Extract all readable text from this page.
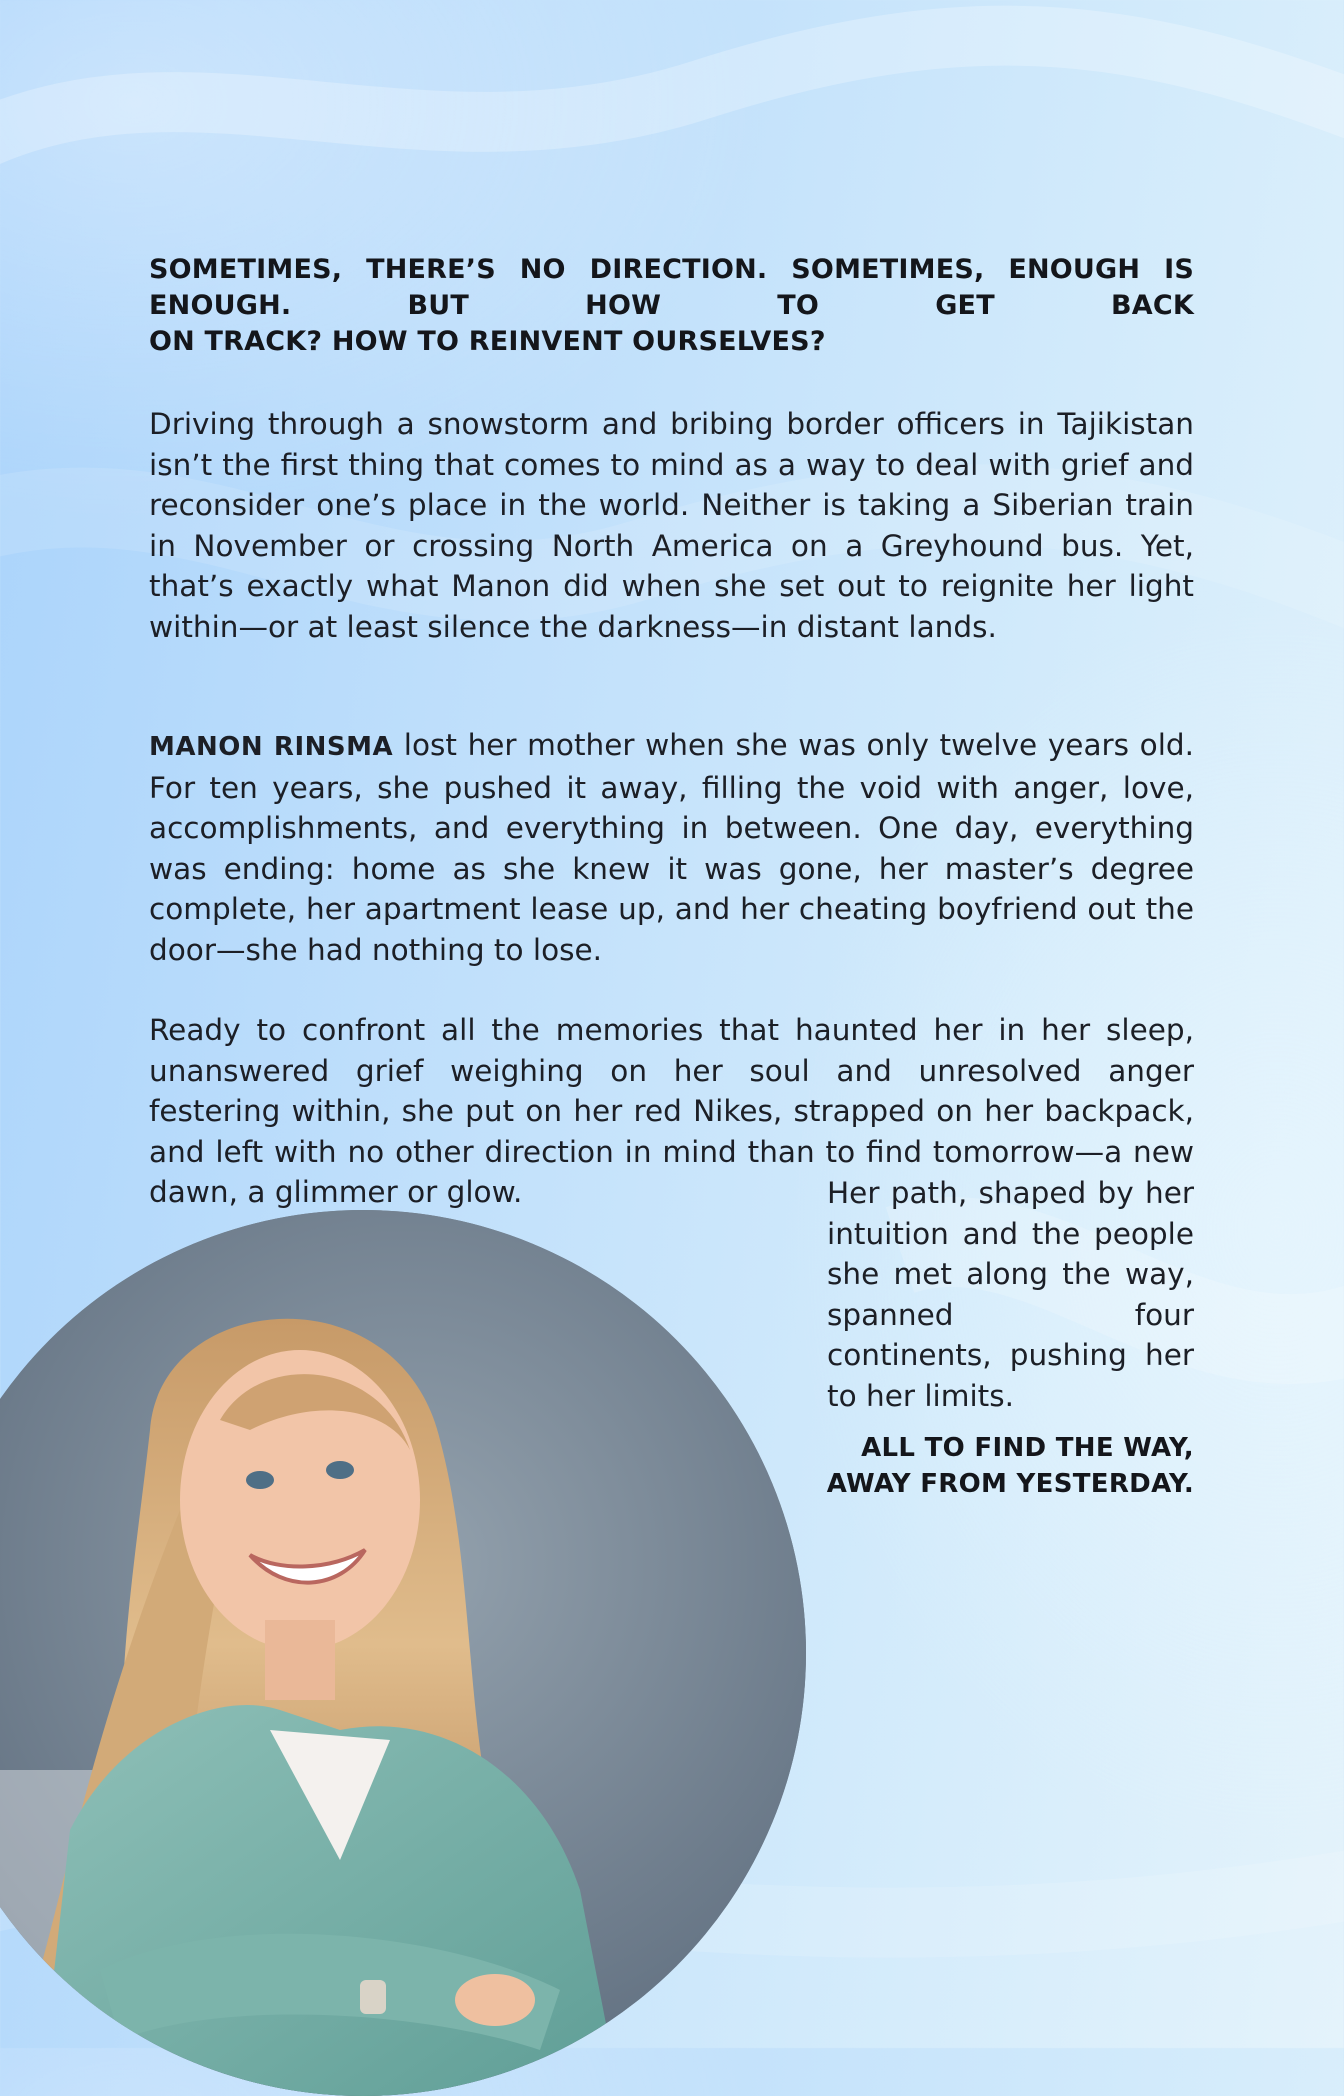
SOMETIMES, THERE’S NO DIRECTION. SOMETIMES, ENOUGH IS ENOUGH. BUT HOW TO GET BACK
ON TRACK? HOW TO REINVENT OURSELVES?

Driving through a snowstorm and bribing border officers in Tajikistan isn’t the first thing that comes to mind as a way to deal with grief and reconsider one’s place in the world. Neither is taking a Siberian train in November or crossing North America on a Greyhound bus. Yet, that’s exactly what Manon did when she set out to reignite her light within—or at least silence the darkness—in distant lands.

MANON RINSMA lost her mother when she was only twelve years old. For ten years, she pushed it away, filling the void with anger, love, accomplishments, and everything in between. One day, everything was ending: home as she knew it was gone, her master’s degree complete, her apartment lease up, and her cheating boyfriend out the door—she had nothing to lose.

Ready to confront all the memories that haunted her in her sleep, unanswered grief weighing on her soul and unresolved anger festering within, she put on her red Nikes, strapped on her backpack, and left with no other direction in mind than to find tomorrow—a new dawn, a glimmer or glow.	Her path, shaped by her intuition and the people she met along the way, spanned four continents, pushing her to her limits.

ALL TO FIND THE WAY,
AWAY FROM YESTERDAY.
